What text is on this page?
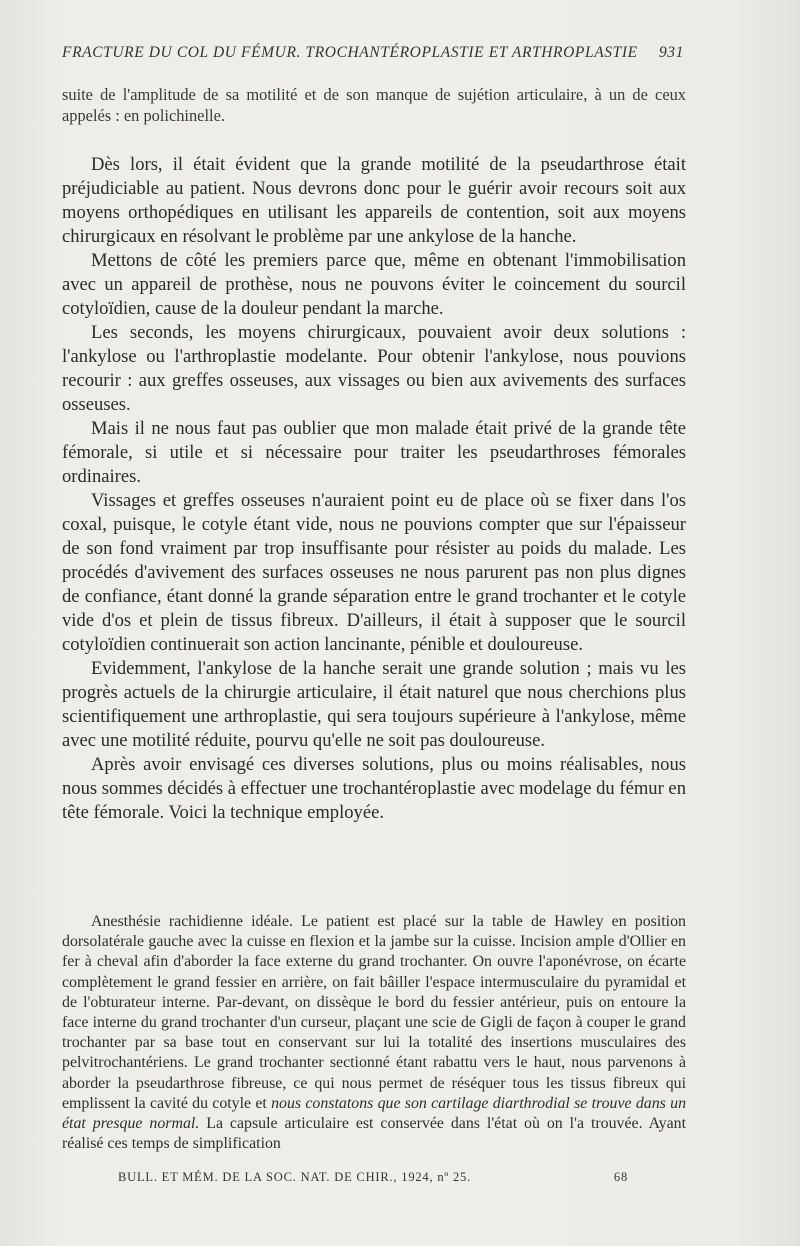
FRACTURE DU COL DU FÉMUR. TROCHANTÉROPLASTIE ET ARTHROPLASTIE 931

suite de l'amplitude de sa motilité et de son manque de sujétion articulaire, à un de ceux appelés : en polichinelle.

Dès lors, il était évident que la grande motilité de la pseudarthrose était préjudiciable au patient. Nous devrons donc pour le guérir avoir recours soit aux moyens orthopédiques en utilisant les appareils de contention, soit aux moyens chirurgicaux en résolvant le problème par une ankylose de la hanche.

Mettons de côté les premiers parce que, même en obtenant l'immobilisation avec un appareil de prothèse, nous ne pouvons éviter le coincement du sourcil cotyloïdien, cause de la douleur pendant la marche.

Les seconds, les moyens chirurgicaux, pouvaient avoir deux solutions : l'ankylose ou l'arthroplastie modelante. Pour obtenir l'ankylose, nous pouvions recourir : aux greffes osseuses, aux vissages ou bien aux avivements des surfaces osseuses.

Mais il ne nous faut pas oublier que mon malade était privé de la grande tête fémorale, si utile et si nécessaire pour traiter les pseudarthroses fémorales ordinaires.

Vissages et greffes osseuses n'auraient point eu de place où se fixer dans l'os coxal, puisque, le cotyle étant vide, nous ne pouvions compter que sur l'épaisseur de son fond vraiment par trop insuffisante pour résister au poids du malade. Les procédés d'avivement des surfaces osseuses ne nous parurent pas non plus dignes de confiance, étant donné la grande séparation entre le grand trochanter et le cotyle vide d'os et plein de tissus fibreux. D'ailleurs, il était à supposer que le sourcil cotyloïdien continuerait son action lancinante, pénible et douloureuse.

Evidemment, l'ankylose de la hanche serait une grande solution ; mais vu les progrès actuels de la chirurgie articulaire, il était naturel que nous cherchions plus scientifiquement une arthroplastie, qui sera toujours supérieure à l'ankylose, même avec une motilité réduite, pourvu qu'elle ne soit pas douloureuse.

Après avoir envisagé ces diverses solutions, plus ou moins réalisables, nous nous sommes décidés à effectuer une trochantéroplastie avec modelage du fémur en tête fémorale. Voici la technique employée.

Anesthésie rachidienne idéale. Le patient est placé sur la table de Hawley en position dorsolatérale gauche avec la cuisse en flexion et la jambe sur la cuisse. Incision ample d'Ollier en fer à cheval afin d'aborder la face externe du grand trochanter. On ouvre l'aponévrose, on écarte complètement le grand fessier en arrière, on fait bâiller l'espace intermusculaire du pyramidal et de l'obturateur interne. Par-devant, on dissèque le bord du fessier antérieur, puis on entoure la face interne du grand trochanter d'un curseur, plaçant une scie de Gigli de façon à couper le grand trochanter par sa base tout en conservant sur lui la totalité des insertions musculaires des pelvitrochantériens. Le grand trochanter sectionné étant rabattu vers le haut, nous parvenons à aborder la pseudarthrose fibreuse, ce qui nous permet de réséquer tous les tissus fibreux qui emplissent la cavité du cotyle et nous constatons que son cartilage diarthrodial se trouve dans un état presque normal. La capsule articulaire est conservée dans l'état où on l'a trouvée. Ayant réalisé ces temps de simplification

BULL. ET MÉM. DE LA SOC. NAT. DE CHIR., 1924, nº 25.	68
